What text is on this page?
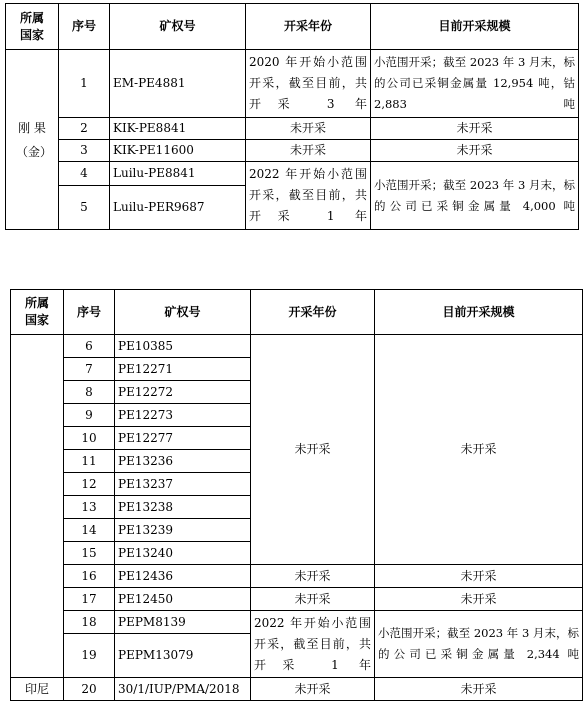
所属国家	序号	矿权号	开采年份	目前开采规模
刚 果（金）	1	EM-PE4881	2020 年开始小范围开采，截至目前，共开采 3 年	小范围开采；截至 2023 年 3 月末，标的公司已采铜金属量 12,954 吨，钴 2,883 吨
	2	KIK-PE8841	未开采	未开采
	3	KIK-PE11600	未开采	未开采
	4	Luilu-PE8841	2022 年开始小范围开采，截至目前，共开采 1 年	小范围开采；截至 2023 年 3 月末，标的公司已采铜金属量 4,000 吨
	5	Luilu-PER9687		
所属国家	序号	矿权号	开采年份	目前开采规模
	6	PE10385	未开采	未开采
	7	PE12271		
	8	PE12272		
	9	PE12273		
	10	PE12277		
	11	PE13236		
	12	PE13237		
	13	PE13238		
	14	PE13239		
	15	PE13240		
	16	PE12436	未开采	未开采
	17	PE12450	未开采	未开采
	18	PEPM8139	2022 年开始小范围开采，截至目前，共开采 1 年	小范围开采；截至 2023 年 3 月末，标的公司已采铜金属量 2,344 吨
	19	PEPM13079		
印尼	20	30/1/IUP/PMA/2018	未开采	未开采
